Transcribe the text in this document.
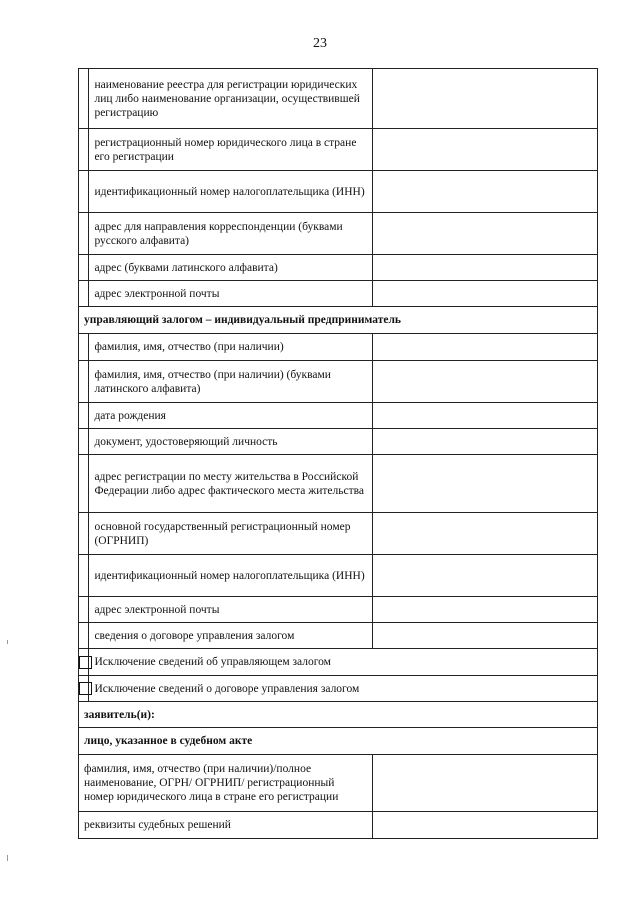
23
	наименование реестра для регистрации юридических лиц либо наименование организации, осуществившей регистрацию	
	регистрационный номер юридического лица в стране его регистрации	
	идентификационный номер налогоплательщика (ИНН)	
	адрес для направления корреспонденции (буквами русского алфавита)	
	адрес (буквами латинского алфавита)	
	адрес электронной почты	
управляющий залогом – индивидуальный предприниматель		
	фамилия, имя, отчество (при наличии)	
	фамилия, имя, отчество (при наличии) (буквами латинского алфавита)	
	дата рождения	
	документ, удостоверяющий личность	
	адрес регистрации по месту жительства в Российской Федерации либо адрес фактического места жительства	
	основной государственный регистрационный номер (ОГРНИП)	
	идентификационный номер налогоплательщика (ИНН)	
	адрес электронной почты	
	сведения о договоре управления залогом	

	Исключение сведений об управляющем залогом	

	Исключение сведений о договоре управления залогом	
заявитель(и):		
лицо, указанное в судебном акте		
фамилия, имя, отчество (при наличии)/полное наименование, ОГРН/ ОГРНИП/ регистрационный номер юридического лица в стране его регистрации		
реквизиты судебных решений		
